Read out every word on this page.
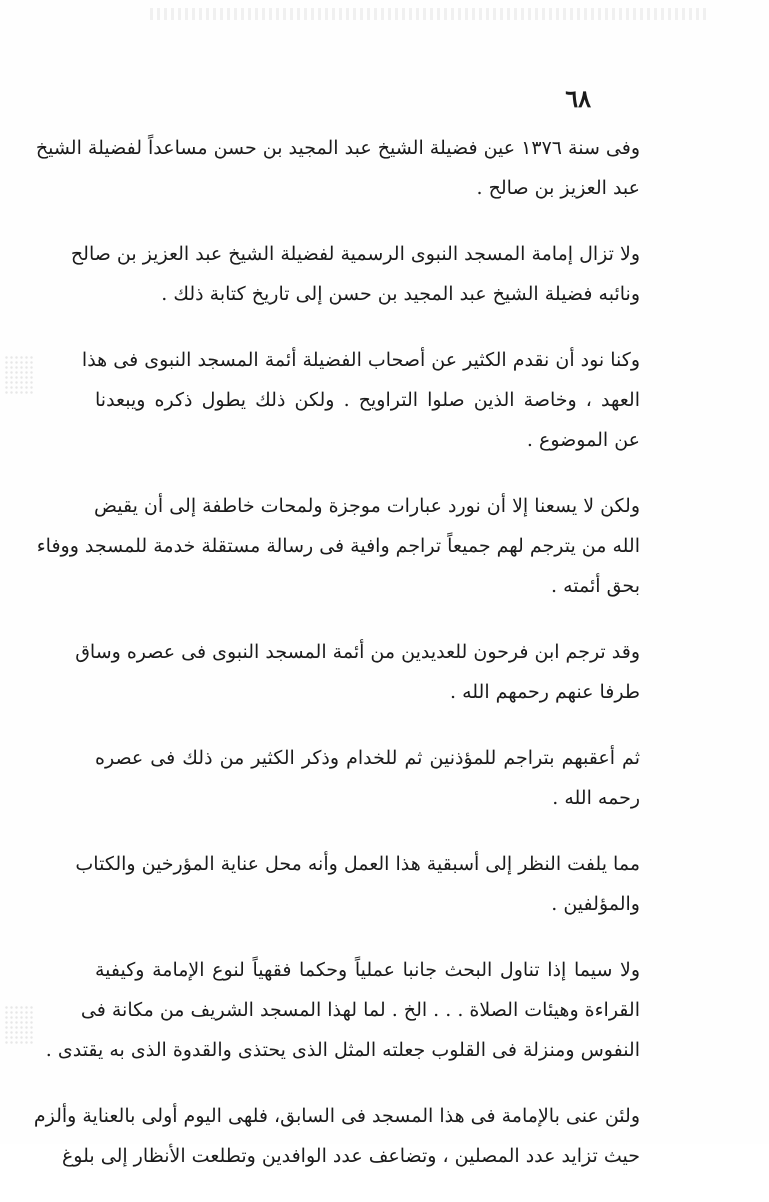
٦٨
وفى سنة ١٣٧٦ عين فضيلة الشيخ عبد المجيد بن حسن مساعداً لفضيلة الشيخ
عبد العزيز بن صالح .
ولا تزال إمامة المسجد النبوى الرسمية لفضيلة الشيخ عبد العزيز بن صالح
ونائبه فضيلة الشيخ عبد المجيد بن حسن إلى تاريخ كتابة ذلك .
وكنا نود أن نقدم الكثير عن أصحاب الفضيلة أئمة المسجد النبوى فى هذا
العهد ، وخاصة الذين صلوا التراويح . ولكن ذلك يطول ذكره ويبعدنا
عن الموضوع .
ولكن لا يسعنا إلا أن نورد عبارات موجزة ولمحات خاطفة إلى أن يقيض
الله من يترجم لهم جميعاً تراجم وافية فى رسالة مستقلة خدمة للمسجد ووفاء
بحق أئمته .
وقد ترجم ابن فرحون للعديدين من أئمة المسجد النبوى فى عصره وساق
طرفا عنهم رحمهم الله .
ثم أعقبهم بتراجم للمؤذنين ثم للخدام وذكر الكثير من ذلك فى عصره
رحمه الله .
مما يلفت النظر إلى أسبقية هذا العمل وأنه محل عناية المؤرخين والكتاب
والمؤلفين .
ولا سيما إذا تناول البحث جانبا عملياً وحكما فقهياً لنوع الإمامة وكيفية
القراءة وهيئات الصلاة . . . الخ . لما لهذا المسجد الشريف من مكانة فى
النفوس ومنزلة فى القلوب جعلته المثل الذى يحتذى والقدوة الذى به يقتدى .
ولئن عنى بالإمامة فى هذا المسجد فى السابق، فلهى اليوم أولى بالعناية وألزم
حيث تزايد عدد المصلين ، وتضاعف عدد الوافدين وتطلعت الأنظار إلى بلوغ
